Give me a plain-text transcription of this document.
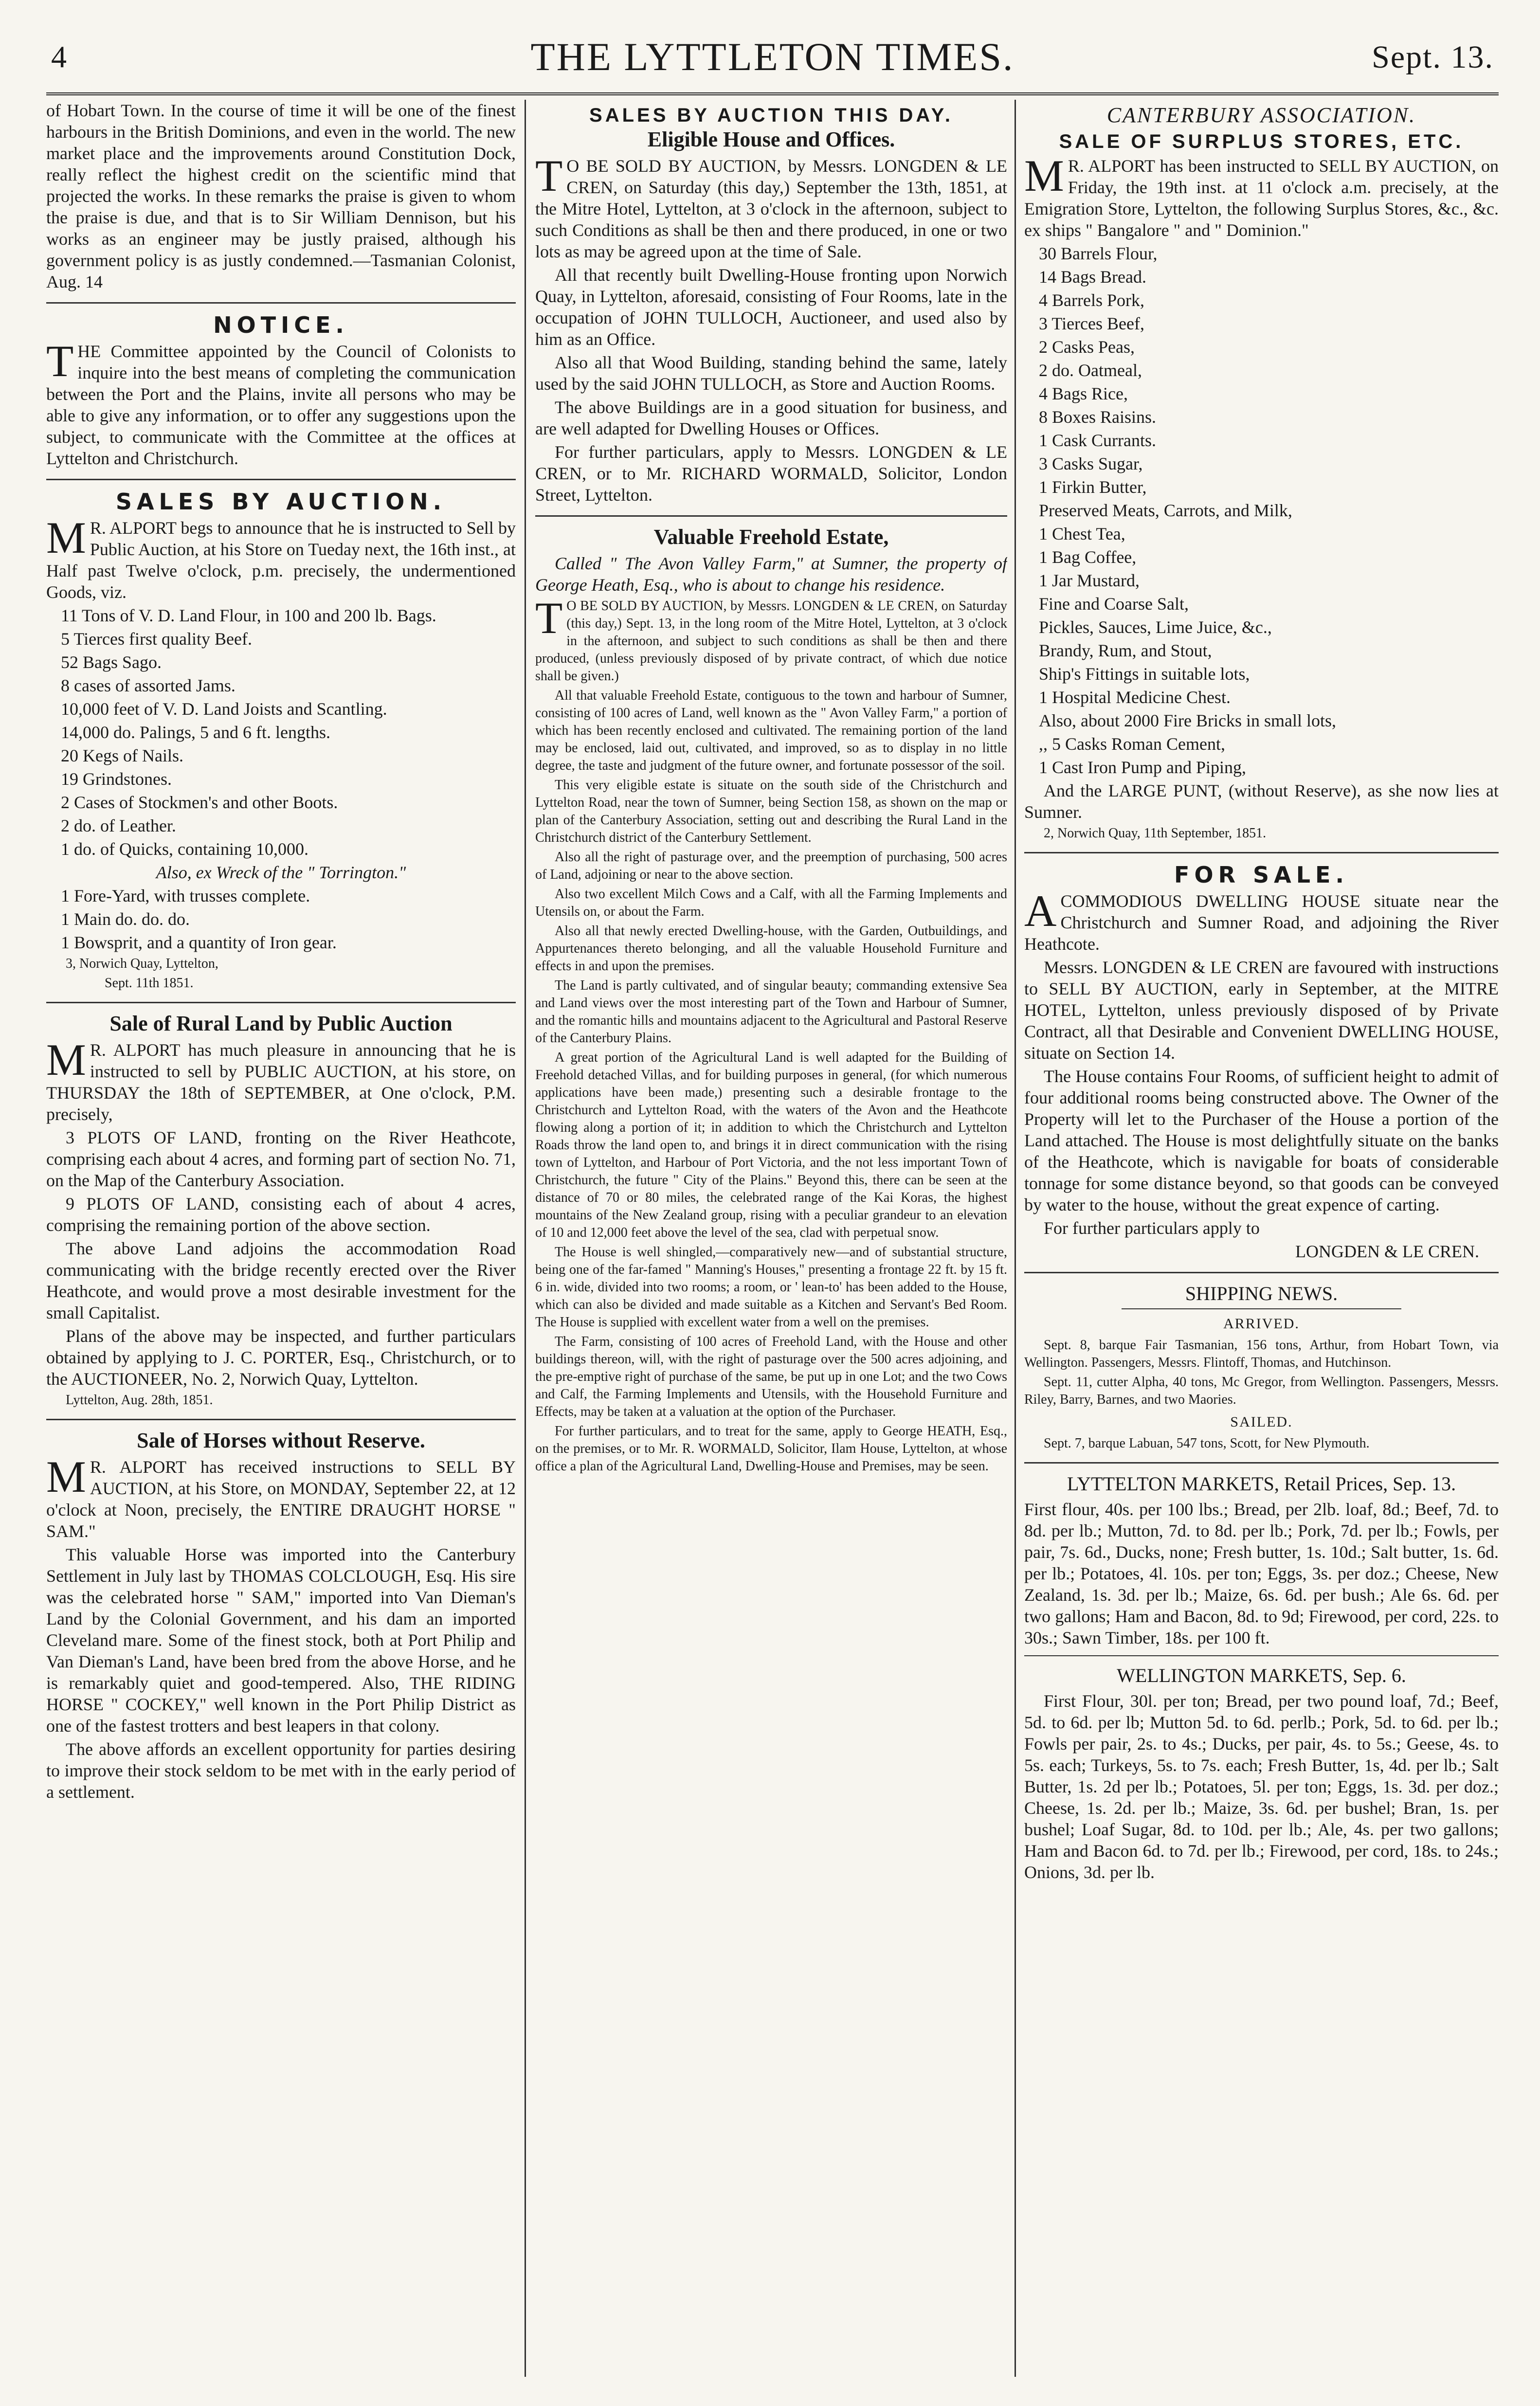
4	THE LYTTLETON TIMES.	Sept. 13.

of Hobart Town. In the course of time it will be one of the finest harbours in the British Dominions, and even in the world. The new market place and the improvements around Constitution Dock, really reflect the highest credit on the scientific mind that projected the works. In these remarks the praise is given to whom the praise is due, and that is to Sir William Dennison, but his works as an engineer may be justly praised, although his government policy is as justly condemned.—Tasmanian Colonist, Aug. 14

NOTICE.

THE Committee appointed by the Council of Colonists to inquire into the best means of completing the communication between the Port and the Plains, invite all persons who may be able to give any information, or to offer any suggestions upon the subject, to communicate with the Committee at the offices at Lyttelton and Christchurch.

SALES BY AUCTION.

MR. ALPORT begs to announce that he is instructed to Sell by Public Auction, at his Store on Tueday next, the 16th inst., at Half past Twelve o'clock, p.m. precisely, the undermentioned Goods, viz.

11 Tons of V. D. Land Flour, in 100 and 200 lb. Bags.

5 Tierces first quality Beef.

52 Bags Sago.

8 cases of assorted Jams.

10,000 feet of V. D. Land Joists and Scantling.

14,000 do. Palings, 5 and 6 ft. lengths.

20 Kegs of Nails.

19 Grindstones.

2 Cases of Stockmen's and other Boots.

2 do. of Leather.

1 do. of Quicks, containing 10,000.

Also, ex Wreck of the " Torrington."

1 Fore-Yard, with trusses complete.

1 Main do. do. do.

1 Bowsprit, and a quantity of Iron gear.

3, Norwich Quay, Lyttelton,

Sept. 11th 1851.

Sale of Rural Land by Public Auction

MR. ALPORT has much pleasure in announcing that he is instructed to sell by PUBLIC AUCTION, at his store, on THURSDAY the 18th of SEPTEMBER, at One o'clock, P.M. precisely,

3 PLOTS OF LAND, fronting on the River Heathcote, comprising each about 4 acres, and forming part of section No. 71, on the Map of the Canterbury Association.

9 PLOTS OF LAND, consisting each of about 4 acres, comprising the remaining portion of the above section.

The above Land adjoins the accommodation Road communicating with the bridge recently erected over the River Heathcote, and would prove a most desirable investment for the small Capitalist.

Plans of the above may be inspected, and further particulars obtained by applying to J. C. PORTER, Esq., Christchurch, or to the AUCTIONEER, No. 2, Norwich Quay, Lyttelton.

Lyttelton, Aug. 28th, 1851.

Sale of Horses without Reserve.

MR. ALPORT has received instructions to SELL BY AUCTION, at his Store, on MONDAY, September 22, at 12 o'clock at Noon, precisely, the ENTIRE DRAUGHT HORSE " SAM."

This valuable Horse was imported into the Canterbury Settlement in July last by THOMAS COLCLOUGH, Esq. His sire was the celebrated horse " SAM," imported into Van Dieman's Land by the Colonial Government, and his dam an imported Cleveland mare. Some of the finest stock, both at Port Philip and Van Dieman's Land, have been bred from the above Horse, and he is remarkably quiet and good-tempered. Also, THE RIDING HORSE " COCKEY," well known in the Port Philip District as one of the fastest trotters and best leapers in that colony.

The above affords an excellent opportunity for parties desiring to improve their stock seldom to be met with in the early period of a settlement.

SALES BY AUCTION THIS DAY.
Eligible House and Offices.

TO BE SOLD BY AUCTION, by Messrs. LONGDEN & LE CREN, on Saturday (this day,) September the 13th, 1851, at the Mitre Hotel, Lyttelton, at 3 o'clock in the afternoon, subject to such Conditions as shall be then and there produced, in one or two lots as may be agreed upon at the time of Sale.

All that recently built Dwelling-House fronting upon Norwich Quay, in Lyttelton, aforesaid, consisting of Four Rooms, late in the occupation of JOHN TULLOCH, Auctioneer, and used also by him as an Office.

Also all that Wood Building, standing behind the same, lately used by the said JOHN TULLOCH, as Store and Auction Rooms.

The above Buildings are in a good situation for business, and are well adapted for Dwelling Houses or Offices.

For further particulars, apply to Messrs. LONGDEN & LE CREN, or to Mr. RICHARD WORMALD, Solicitor, London Street, Lyttelton.

Valuable Freehold Estate,

Called " The Avon Valley Farm," at Sumner, the property of George Heath, Esq., who is about to change his residence.

TO BE SOLD BY AUCTION, by Messrs. LONGDEN & LE CREN, on Saturday (this day,) Sept. 13, in the long room of the Mitre Hotel, Lyttelton, at 3 o'clock in the afternoon, and subject to such conditions as shall be then and there produced, (unless previously disposed of by private contract, of which due notice shall be given.)

All that valuable Freehold Estate, contiguous to the town and harbour of Sumner, consisting of 100 acres of Land, well known as the " Avon Valley Farm," a portion of which has been recently enclosed and cultivated. The remaining portion of the land may be enclosed, laid out, cultivated, and improved, so as to display in no little degree, the taste and judgment of the future owner, and fortunate possessor of the soil.

This very eligible estate is situate on the south side of the Christchurch and Lyttelton Road, near the town of Sumner, being Section 158, as shown on the map or plan of the Canterbury Association, setting out and describing the Rural Land in the Christchurch district of the Canterbury Settlement.

Also all the right of pasturage over, and the preemption of purchasing, 500 acres of Land, adjoining or near to the above section.

Also two excellent Milch Cows and a Calf, with all the Farming Implements and Utensils on, or about the Farm.

Also all that newly erected Dwelling-house, with the Garden, Outbuildings, and Appurtenances thereto belonging, and all the valuable Household Furniture and effects in and upon the premises.

The Land is partly cultivated, and of singular beauty; commanding extensive Sea and Land views over the most interesting part of the Town and Harbour of Sumner, and the romantic hills and mountains adjacent to the Agricultural and Pastoral Reserve of the Canterbury Plains.

A great portion of the Agricultural Land is well adapted for the Building of Freehold detached Villas, and for building purposes in general, (for which numerous applications have been made,) presenting such a desirable frontage to the Christchurch and Lyttelton Road, with the waters of the Avon and the Heathcote flowing along a portion of it; in addition to which the Christchurch and Lyttelton Roads throw the land open to, and brings it in direct communication with the rising town of Lyttelton, and Harbour of Port Victoria, and the not less important Town of Christchurch, the future " City of the Plains." Beyond this, there can be seen at the distance of 70 or 80 miles, the celebrated range of the Kai Koras, the highest mountains of the New Zealand group, rising with a peculiar grandeur to an elevation of 10 and 12,000 feet above the level of the sea, clad with perpetual snow.

The House is well shingled,—comparatively new—and of substantial structure, being one of the far-famed " Manning's Houses," presenting a frontage 22 ft. by 15 ft. 6 in. wide, divided into two rooms; a room, or ' lean-to' has been added to the House, which can also be divided and made suitable as a Kitchen and Servant's Bed Room. The House is supplied with excellent water from a well on the premises.

The Farm, consisting of 100 acres of Freehold Land, with the House and other buildings thereon, will, with the right of pasturage over the 500 acres adjoining, and the pre-emptive right of purchase of the same, be put up in one Lot; and the two Cows and Calf, the Farming Implements and Utensils, with the Household Furniture and Effects, may be taken at a valuation at the option of the Purchaser.

For further particulars, and to treat for the same, apply to George HEATH, Esq., on the premises, or to Mr. R. WORMALD, Solicitor, Ilam House, Lyttelton, at whose office a plan of the Agricultural Land, Dwelling-House and Premises, may be seen.

CANTERBURY ASSOCIATION.
SALE OF SURPLUS STORES, ETC.

MR. ALPORT has been instructed to SELL BY AUCTION, on Friday, the 19th inst. at 11 o'clock a.m. precisely, at the Emigration Store, Lyttelton, the following Surplus Stores, &c., &c. ex ships " Bangalore " and " Dominion."

30 Barrels Flour,

14 Bags Bread.

4 Barrels Pork,

3 Tierces Beef,

2 Casks Peas,

2 do. Oatmeal,

4 Bags Rice,

8 Boxes Raisins.

1 Cask Currants.

3 Casks Sugar,

1 Firkin Butter,

Preserved Meats, Carrots, and Milk,

1 Chest Tea,

1 Bag Coffee,

1 Jar Mustard,

Fine and Coarse Salt,

Pickles, Sauces, Lime Juice, &c.,

Brandy, Rum, and Stout,

Ship's Fittings in suitable lots,

1 Hospital Medicine Chest.

Also, about 2000 Fire Bricks in small lots,

,, 5 Casks Roman Cement,

1 Cast Iron Pump and Piping,

And the LARGE PUNT, (without Reserve), as she now lies at Sumner.

2, Norwich Quay, 11th September, 1851.

FOR SALE.

ACOMMODIOUS DWELLING HOUSE situate near the Christchurch and Sumner Road, and adjoining the River Heathcote.

Messrs. LONGDEN & LE CREN are favoured with instructions to SELL BY AUCTION, early in September, at the MITRE HOTEL, Lyttelton, unless previously disposed of by Private Contract, all that Desirable and Convenient DWELLING HOUSE, situate on Section 14.

The House contains Four Rooms, of sufficient height to admit of four additional rooms being constructed above. The Owner of the Property will let to the Purchaser of the House a portion of the Land attached. The House is most delightfully situate on the banks of the Heathcote, which is navigable for boats of considerable tonnage for some distance beyond, so that goods can be conveyed by water to the house, without the great expence of carting.

For further particulars apply to

LONGDEN & LE CREN.

SHIPPING NEWS.
ARRIVED.

Sept. 8, barque Fair Tasmanian, 156 tons, Arthur, from Hobart Town, via Wellington. Passengers, Messrs. Flintoff, Thomas, and Hutchinson.

Sept. 11, cutter Alpha, 40 tons, Mc Gregor, from Wellington. Passengers, Messrs. Riley, Barry, Barnes, and two Maories.

SAILED.

Sept. 7, barque Labuan, 547 tons, Scott, for New Plymouth.

LYTTELTON MARKETS, Retail Prices, Sep. 13.

First flour, 40s. per 100 lbs.; Bread, per 2lb. loaf, 8d.; Beef, 7d. to 8d. per lb.; Mutton, 7d. to 8d. per lb.; Pork, 7d. per lb.; Fowls, per pair, 7s. 6d., Ducks, none; Fresh butter, 1s. 10d.; Salt butter, 1s. 6d. per lb.; Potatoes, 4l. 10s. per ton; Eggs, 3s. per doz.; Cheese, New Zealand, 1s. 3d. per lb.; Maize, 6s. 6d. per bush.; Ale 6s. 6d. per two gallons; Ham and Bacon, 8d. to 9d; Firewood, per cord, 22s. to 30s.; Sawn Timber, 18s. per 100 ft.

WELLINGTON MARKETS, Sep. 6.

First Flour, 30l. per ton; Bread, per two pound loaf, 7d.; Beef, 5d. to 6d. per lb; Mutton 5d. to 6d. perlb.; Pork, 5d. to 6d. per lb.; Fowls per pair, 2s. to 4s.; Ducks, per pair, 4s. to 5s.; Geese, 4s. to 5s. each; Turkeys, 5s. to 7s. each; Fresh Butter, 1s, 4d. per lb.; Salt Butter, 1s. 2d per lb.; Potatoes, 5l. per ton; Eggs, 1s. 3d. per doz.; Cheese, 1s. 2d. per lb.; Maize, 3s. 6d. per bushel; Bran, 1s. per bushel; Loaf Sugar, 8d. to 10d. per lb.; Ale, 4s. per two gallons; Ham and Bacon 6d. to 7d. per lb.; Firewood, per cord, 18s. to 24s.; Onions, 3d. per lb.
